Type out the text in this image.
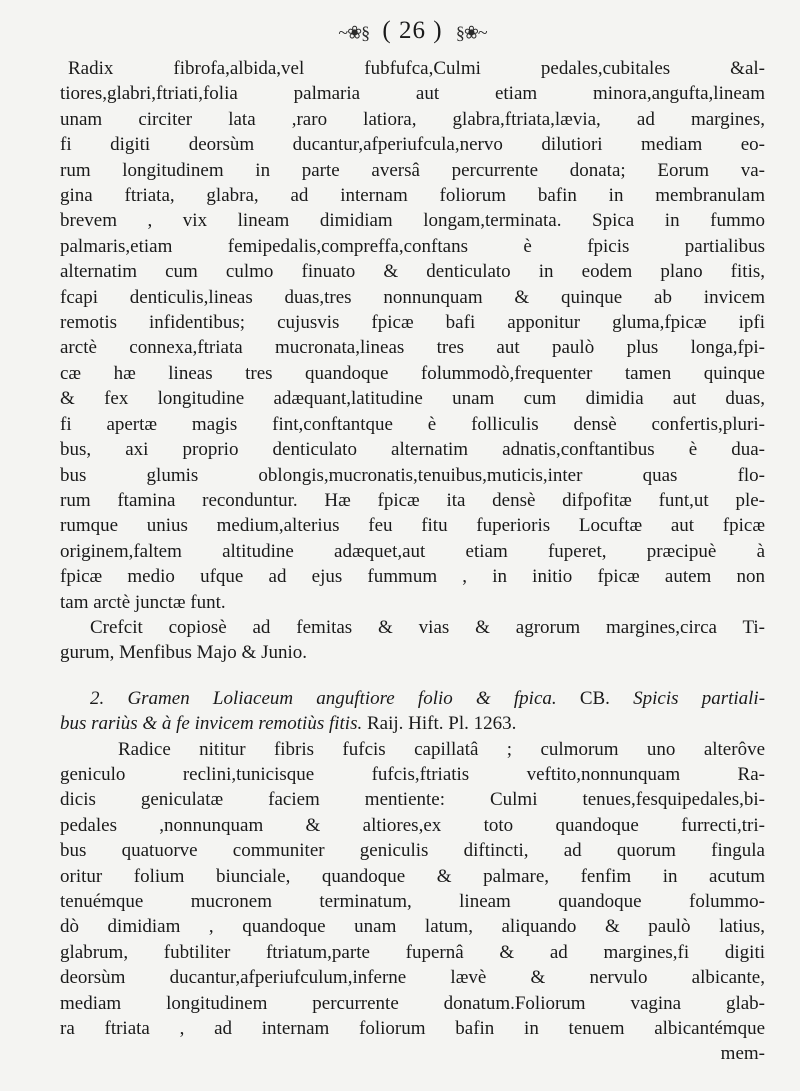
~❀§ ( 26 ) §❀~
Radix fibrofa,albida,vel fubfufca,Culmi pedales,cubitales &al-
tiores,glabri,ftriati,folia palmaria aut etiam minora,angufta,lineam
unam circiter lata ,raro latiora, glabra,ftriata,lævia, ad margines,
fi digiti deorsùm ducantur,afperiufcula,nervo dilutiori mediam eo-
rum longitudinem in parte aversâ percurrente donata; Eorum va-
gina ftriata, glabra, ad internam foliorum bafin in membranulam
brevem , vix lineam dimidiam longam,terminata. Spica in fummo
palmaris,etiam femipedalis,compreffa,conftans è fpicis partialibus
alternatim cum culmo finuato & denticulato in eodem plano fitis,
fcapi denticulis,lineas duas,tres nonnunquam & quinque ab invicem
remotis infidentibus; cujusvis fpicæ bafi apponitur gluma,fpicæ ipfi
arctè connexa,ftriata mucronata,lineas tres aut paulò plus longa,fpi-
cæ hæ lineas tres quandoque folummodò,frequenter tamen quinque
& fex longitudine adæquant,latitudine unam cum dimidia aut duas,
fi apertæ magis fint,conftantque è folliculis densè confertis,pluri-
bus, axi proprio denticulato alternatim adnatis,conftantibus è dua-
bus glumis oblongis,mucronatis,tenuibus,muticis,inter quas flo-
rum ftamina reconduntur. Hæ fpicæ ita densè difpofitæ funt,ut ple-
rumque unius medium,alterius feu fitu fuperioris Locuftæ aut fpicæ
originem,faltem altitudine adæquet,aut etiam fuperet, præcipuè à
fpicæ medio ufque ad ejus fummum , in initio fpicæ autem non
tam arctè junctæ funt.
Crefcit copiosè ad femitas & vias & agrorum margines,circa Ti-
gurum, Menfibus Majo & Junio.
2. Gramen Loliaceum anguftiore folio & fpica. CB. Spicis partiali-
bus rariùs & à fe invicem remotiùs fitis. Raij. Hift. Pl. 1263.
Radice nititur fibris fufcis capillatâ ; culmorum uno alterôve
geniculo reclini,tunicisque fufcis,ftriatis veftito,nonnunquam Ra-
dicis geniculatæ faciem mentiente: Culmi tenues,fesquipedales,bi-
pedales ,nonnunquam & altiores,ex toto quandoque furrecti,tri-
bus quatuorve communiter geniculis diftincti, ad quorum fingula
oritur folium biunciale, quandoque & palmare, fenfim in acutum
tenuémque mucronem terminatum, lineam quandoque folummo-
dò dimidiam , quandoque unam latum, aliquando & paulò latius,
glabrum, fubtiliter ftriatum,parte fupernâ & ad margines,fi digiti
deorsùm ducantur,afperiufculum,inferne lævè & nervulo albicante,
mediam longitudinem percurrente donatum.Foliorum vagina glab-
ra ftriata , ad internam foliorum bafin in tenuem albicantémque
mem-
